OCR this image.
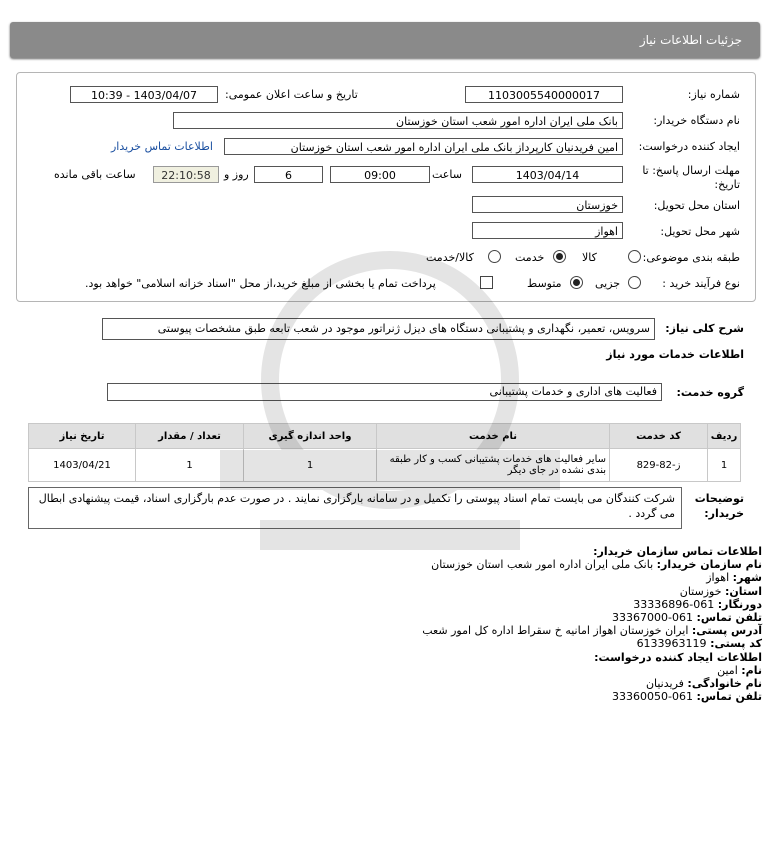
جزئیات اطلاعات نیاز
شماره نیاز:
1103005540000017
تاریخ و ساعت اعلان عمومی:
1403/04/07 - 10:39
نام دستگاه خریدار:
بانک ملی ایران اداره امور شعب استان خوزستان
ایجاد کننده درخواست:
امین فریدنیان کارپرداز بانک ملی ایران اداره امور شعب استان خوزستان
اطلاعات تماس خریدار
مهلت ارسال پاسخ: تا
تاریخ:
1403/04/14
ساعت
09:00
6
روز و
22:10:58
ساعت باقی مانده
استان محل تحویل:
خوزستان
شهر محل تحویل:
اهواز
طبقه بندی موضوعی:
کالا
خدمت
کالا/خدمت
نوع فرآیند خرید :
جزیی
متوسط
پرداخت تمام یا بخشی از مبلغ خرید،از محل "اسناد خزانه اسلامی" خواهد بود.
شرح کلی نیاز:
سرویس، تعمیر، نگهداری و پشتیبانی دستگاه های دیزل ژنراتور موجود در شعب تابعه طبق مشخصات پیوستی
اطلاعات خدمات مورد نیاز
گروه خدمت:
فعالیت های اداری و خدمات پشتیبانی
ردیف	کد خدمت	نام خدمت	واحد اندازه گیری	تعداد / مقدار	تاریخ نیاز
1	ز-82-829	سایر فعالیت های خدمات پشتیبانی کسب و کار طبقه بندی نشده در جای دیگر	1	1	1403/04/21
توضیحات
خریدار:
شرکت کنندگان می بایست تمام اسناد پیوستی را تکمیل و در سامانه بارگزاری نمایند . در صورت عدم بارگزاری اسناد، قیمت پیشنهادی ابطال می گردد .
اطلاعات تماس سازمان خریدار:
نام سازمان خریدار: بانک ملی ایران اداره امور شعب استان خوزستان
شهر: اهواز
استان: خوزستان
دورنگار: 061-33336896
تلفن تماس: 061-33367000
آدرس پستی: ایران خوزستان اهواز امانیه خ سقراط اداره کل امور شعب
کد پستی: 6133963119
اطلاعات ایجاد کننده درخواست:
نام: امین
نام خانوادگی: فریدنیان
تلفن تماس: 061-33360050
